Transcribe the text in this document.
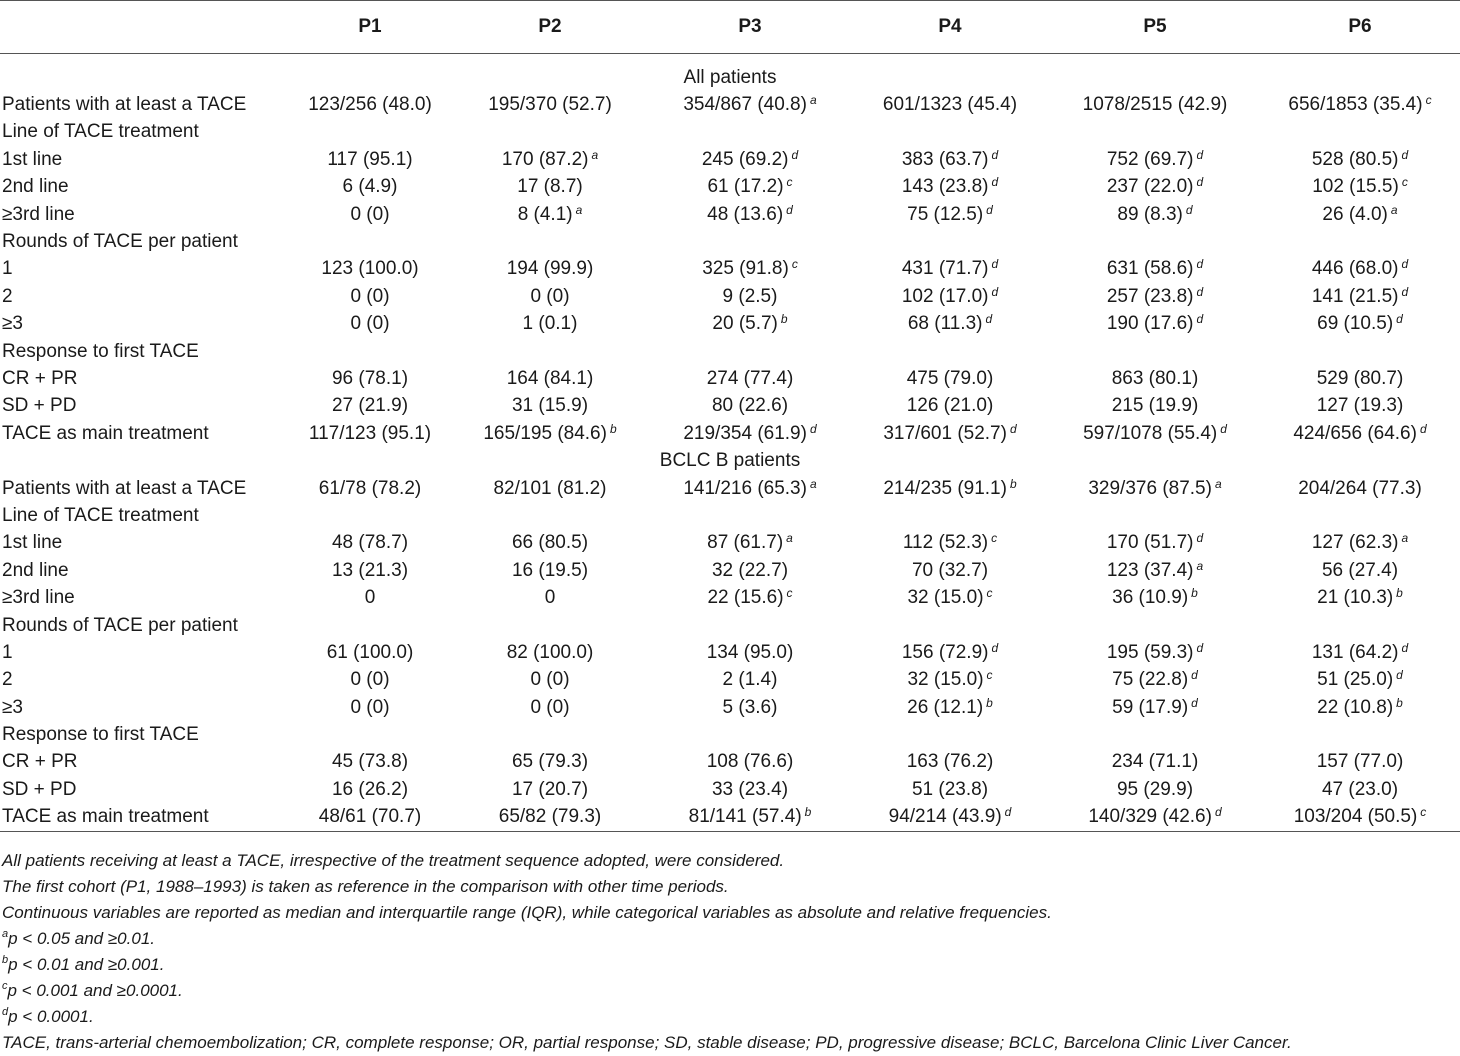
	P1	P2	P3	P4	P5	P6
All patients						
Patients with at least a TACE	123/256 (48.0)	195/370 (52.7)	354/867 (40.8) $^a$	601/1323 (45.4)	1078/2515 (42.9)	656/1853 (35.4) $^c$
Line of TACE treatment						
1st line	117 (95.1)	170 (87.2) $^a$	245 (69.2) $^d$	383 (63.7) $^d$	752 (69.7) $^d$	528 (80.5) $^d$
2nd line	6 (4.9)	17 (8.7)	61 (17.2) $^c$	143 (23.8) $^d$	237 (22.0) $^d$	102 (15.5) $^c$
≥3rd line	0 (0)	8 (4.1) $^a$	48 (13.6) $^d$	75 (12.5) $^d$	89 (8.3) $^d$	26 (4.0) $^a$
Rounds of TACE per patient						
1	123 (100.0)	194 (99.9)	325 (91.8) $^c$	431 (71.7) $^d$	631 (58.6) $^d$	446 (68.0) $^d$
2	0 (0)	0 (0)	9 (2.5)	102 (17.0) $^d$	257 (23.8) $^d$	141 (21.5) $^d$
≥3	0 (0)	1 (0.1)	20 (5.7) $^b$	68 (11.3) $^d$	190 (17.6) $^d$	69 (10.5) $^d$
Response to first TACE						
CR + PR	96 (78.1)	164 (84.1)	274 (77.4)	475 (79.0)	863 (80.1)	529 (80.7)
SD + PD	27 (21.9)	31 (15.9)	80 (22.6)	126 (21.0)	215 (19.9)	127 (19.3)
TACE as main treatment	117/123 (95.1)	165/195 (84.6) $^b$	219/354 (61.9) $^d$	317/601 (52.7) $^d$	597/1078 (55.4) $^d$	424/656 (64.6) $^d$
BCLC B patients						
Patients with at least a TACE	61/78 (78.2)	82/101 (81.2)	141/216 (65.3) $^a$	214/235 (91.1) $^b$	329/376 (87.5) $^a$	204/264 (77.3)
Line of TACE treatment						
1st line	48 (78.7)	66 (80.5)	87 (61.7) $^a$	112 (52.3) $^c$	170 (51.7) $^d$	127 (62.3) $^a$
2nd line	13 (21.3)	16 (19.5)	32 (22.7)	70 (32.7)	123 (37.4) $^a$	56 (27.4)
≥3rd line	0	0	22 (15.6) $^c$	32 (15.0) $^c$	36 (10.9) $^b$	21 (10.3) $^b$
Rounds of TACE per patient						
1	61 (100.0)	82 (100.0)	134 (95.0)	156 (72.9) $^d$	195 (59.3) $^d$	131 (64.2) $^d$
2	0 (0)	0 (0)	2 (1.4)	32 (15.0) $^c$	75 (22.8) $^d$	51 (25.0) $^d$
≥3	0 (0)	0 (0)	5 (3.6)	26 (12.1) $^b$	59 (17.9) $^d$	22 (10.8) $^b$
Response to first TACE						
CR + PR	45 (73.8)	65 (79.3)	108 (76.6)	163 (76.2)	234 (71.1)	157 (77.0)
SD + PD	16 (26.2)	17 (20.7)	33 (23.4)	51 (23.8)	95 (29.9)	47 (23.0)
TACE as main treatment	48/61 (70.7)	65/82 (79.3)	81/141 (57.4) $^b$	94/214 (43.9) $^d$	140/329 (42.6) $^d$	103/204 (50.5) $^c$
All patients receiving at least a TACE, irrespective of the treatment sequence adopted, were considered.
The first cohort (P1, 1988–1993) is taken as reference in the comparison with other time periods.
Continuous variables are reported as median and interquartile range (IQR), while categorical variables as absolute and relative frequencies.
$^a$p < 0.05 and ≥0.01.
$^b$p < 0.01 and ≥0.001.
$^c$p < 0.001 and ≥0.0001.
$^d$p < 0.0001.
TACE, trans-arterial chemoembolization; CR, complete response; OR, partial response; SD, stable disease; PD, progressive disease; BCLC, Barcelona Clinic Liver Cancer.
